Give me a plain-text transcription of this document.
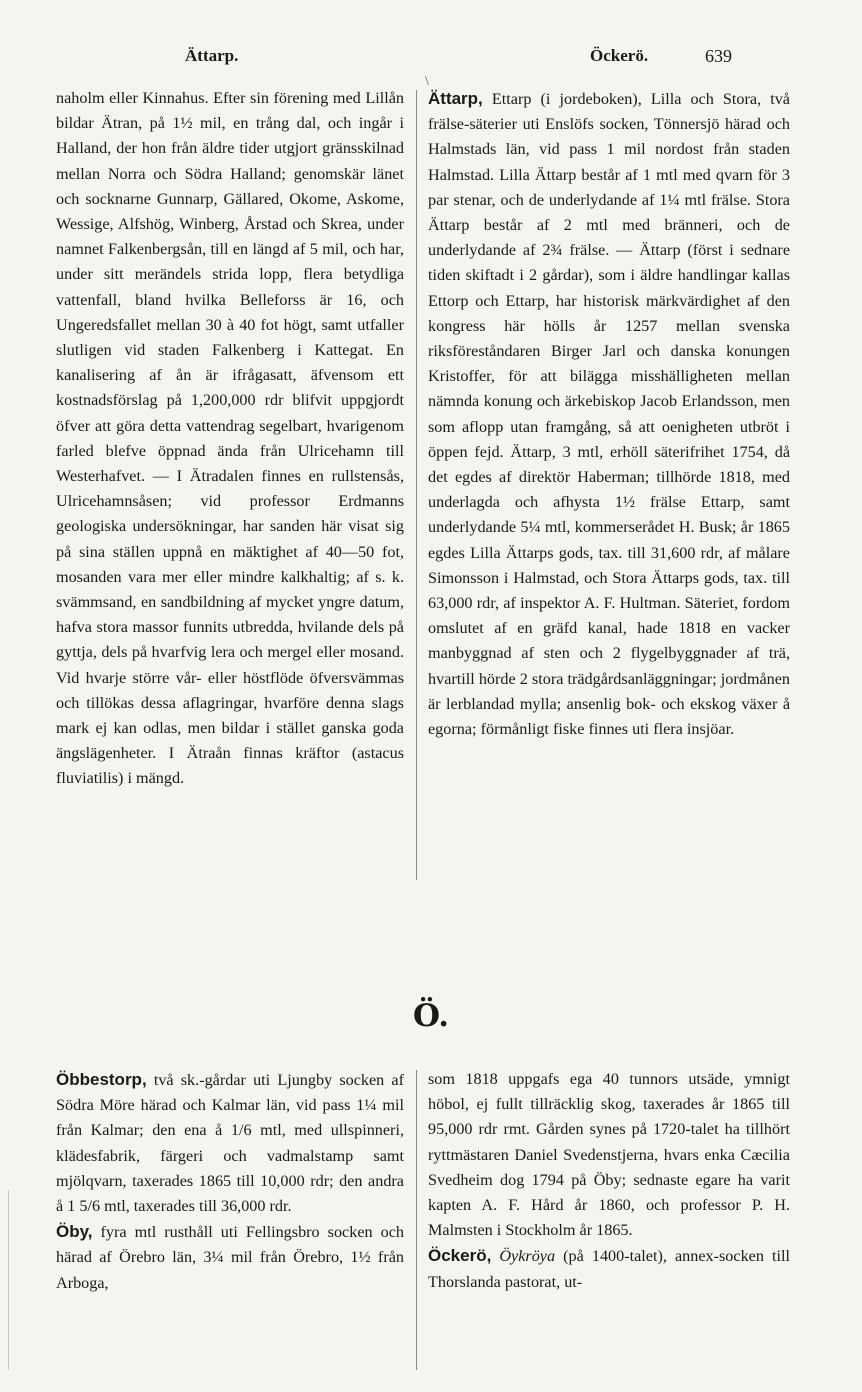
Ättarp.	Öckerö.	639
\

naholm eller Kinnahus. Efter sin förening med Lillån bildar Ätran, på 1½ mil, en trång dal, och ingår i Halland, der hon från äldre tider utgjort gränsskilnad mellan Norra och Södra Halland; genomskär länet och socknarne Gunnarp, Gällared, Okome, Askome, Wessige, Alfshög, Winberg, Årstad och Skrea, under namnet Falkenbergsån, till en längd af 5 mil, och har, under sitt merändels strida lopp, flera betydliga vattenfall, bland hvilka Belleforss är 16, och Ungeredsfallet mellan 30 à 40 fot högt, samt utfaller slutligen vid staden Falkenberg i Kattegat. En kanalisering af ån är ifrågasatt, äfvensom ett kostnadsförslag på 1,200,000 rdr blifvit uppgjordt öfver att göra detta vattendrag segelbart, hvarigenom farled blefve öppnad ända från Ulricehamn till Westerhafvet. — I Ätradalen finnes en rullstensås, Ulricehamnsåsen; vid professor Erdmanns geologiska undersökningar, har sanden här visat sig på sina ställen uppnå en mäktighet af 40—50 fot, mosanden vara mer eller mindre kalkhaltig; af s. k. svämmsand, en sandbildning af mycket yngre datum, hafva stora massor funnits utbredda, hvilande dels på gyttja, dels på hvarfvig lera och mergel eller mosand. Vid hvarje större vår- eller höstflöde öfversvämmas och tillökas dessa aflagringar, hvarföre denna slags mark ej kan odlas, men bildar i stället ganska goda ängslägenheter. I Ätraån finnas kräftor (astacus fluviatilis) i mängd.

Ättarp, Ettarp (i jordeboken), Lilla och Stora, två frälse-säterier uti Enslöfs socken, Tönnersjö härad och Halmstads län, vid pass 1 mil nordost från staden Halmstad. Lilla Ättarp består af 1 mtl med qvarn för 3 par stenar, och de underlydande af 1¼ mtl frälse. Stora Ättarp består af 2 mtl med bränneri, och de underlydande af 2¾ frälse. — Ättarp (först i sednare tiden skiftadt i 2 gårdar), som i äldre handlingar kallas Ettorp och Ettarp, har historisk märkvärdighet af den kongress här hölls år 1257 mellan svenska riksföreståndaren Birger Jarl och danska konungen Kristoffer, för att bilägga misshälligheten mellan nämnda konung och ärkebiskop Jacob Erlandsson, men som aflopp utan framgång, så att oenigheten utbröt i öppen fejd. Ättarp, 3 mtl, erhöll säterifrihet 1754, då det egdes af direktör Haberman; tillhörde 1818, med underlagda och afhysta 1½ frälse Ettarp, samt underlydande 5¼ mtl, kommerserådet H. Busk; år 1865 egdes Lilla Ättarps gods, tax. till 31,600 rdr, af målare Simonsson i Halmstad, och Stora Ättarps gods, tax. till 63,000 rdr, af inspektor A. F. Hultman. Säteriet, fordom omslutet af en gräfd kanal, hade 1818 en vacker manbyggnad af sten och 2 flygelbyggnader af trä, hvartill hörde 2 stora trädgårdsanläggningar; jordmånen är lerblandad mylla; ansenlig bok- och ekskog växer å egorna; förmånligt fiske finnes uti flera insjöar.

Ö.

Öbbestorp, två sk.-gårdar uti Ljungby socken af Södra Möre härad och Kalmar län, vid pass 1¼ mil från Kalmar; den ena å 1/6 mtl, med ullspinneri, klädesfabrik, färgeri och vadmalstamp samt mjölqvarn, taxerades 1865 till 10,000 rdr; den andra å 1 5/6 mtl, taxerades till 36,000 rdr.

Öby, fyra mtl rusthåll uti Fellingsbro socken och härad af Örebro län, 3¼ mil från Örebro, 1½ från Arboga,

som 1818 uppgafs ega 40 tunnors utsäde, ymnigt höbol, ej fullt tillräcklig skog, taxerades år 1865 till 95,000 rdr rmt. Gården synes på 1720-talet ha tillhört ryttmästaren Daniel Svedenstjerna, hvars enka Cæcilia Svedheim dog 1794 på Öby; sednaste egare ha varit kapten A. F. Hård år 1860, och professor P. H. Malmsten i Stockholm år 1865.

Öckerö, Öykröya (på 1400-talet), annex-socken till Thorslanda pastorat, ut-
